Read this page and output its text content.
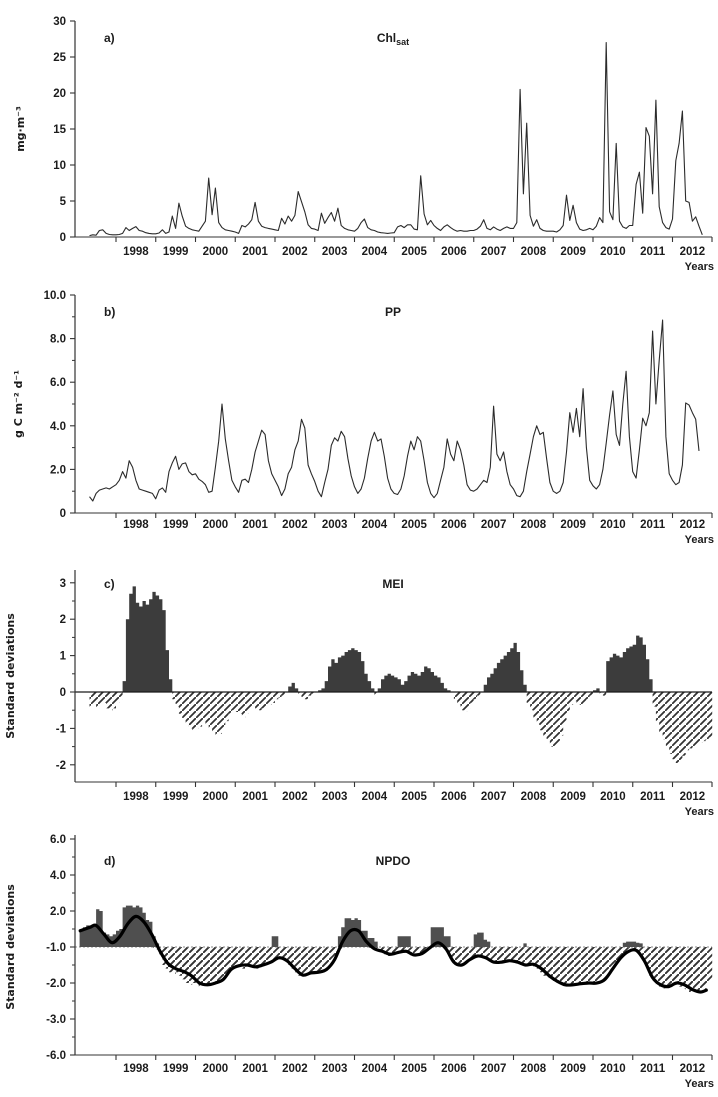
30
25
20
15
10
5
0
1998 1999 2000 2001 2002 2003 2004 2005 2006 2007 2008 2009 2010 2011 2012
Years
a)	Chl$_{sat}$
mg·m⁻³
10.0
8.0
6.0
4.0
2.0
0
1998 1999 2000 2001 2002 2003 2004 2005 2006 2007 2008 2009 2010 2011 2012
Years
b)	PP
g C m⁻² d⁻¹
3
2
1
0
-1
-2
1998 1999 2000 2001 2002 2003 2004 2005 2006 2007 2008 2009 2010 2011 2012
Years
c)	MEI
Standard deviations
6.0
4.0
2.0
-1.0
-2.0
-3.0
-6.0
1998 1999 2000 2001 2002 2003 2004 2005 2006 2007 2008 2009 2010 2011 2012
Years
d)	NPDO
Standard deviations
